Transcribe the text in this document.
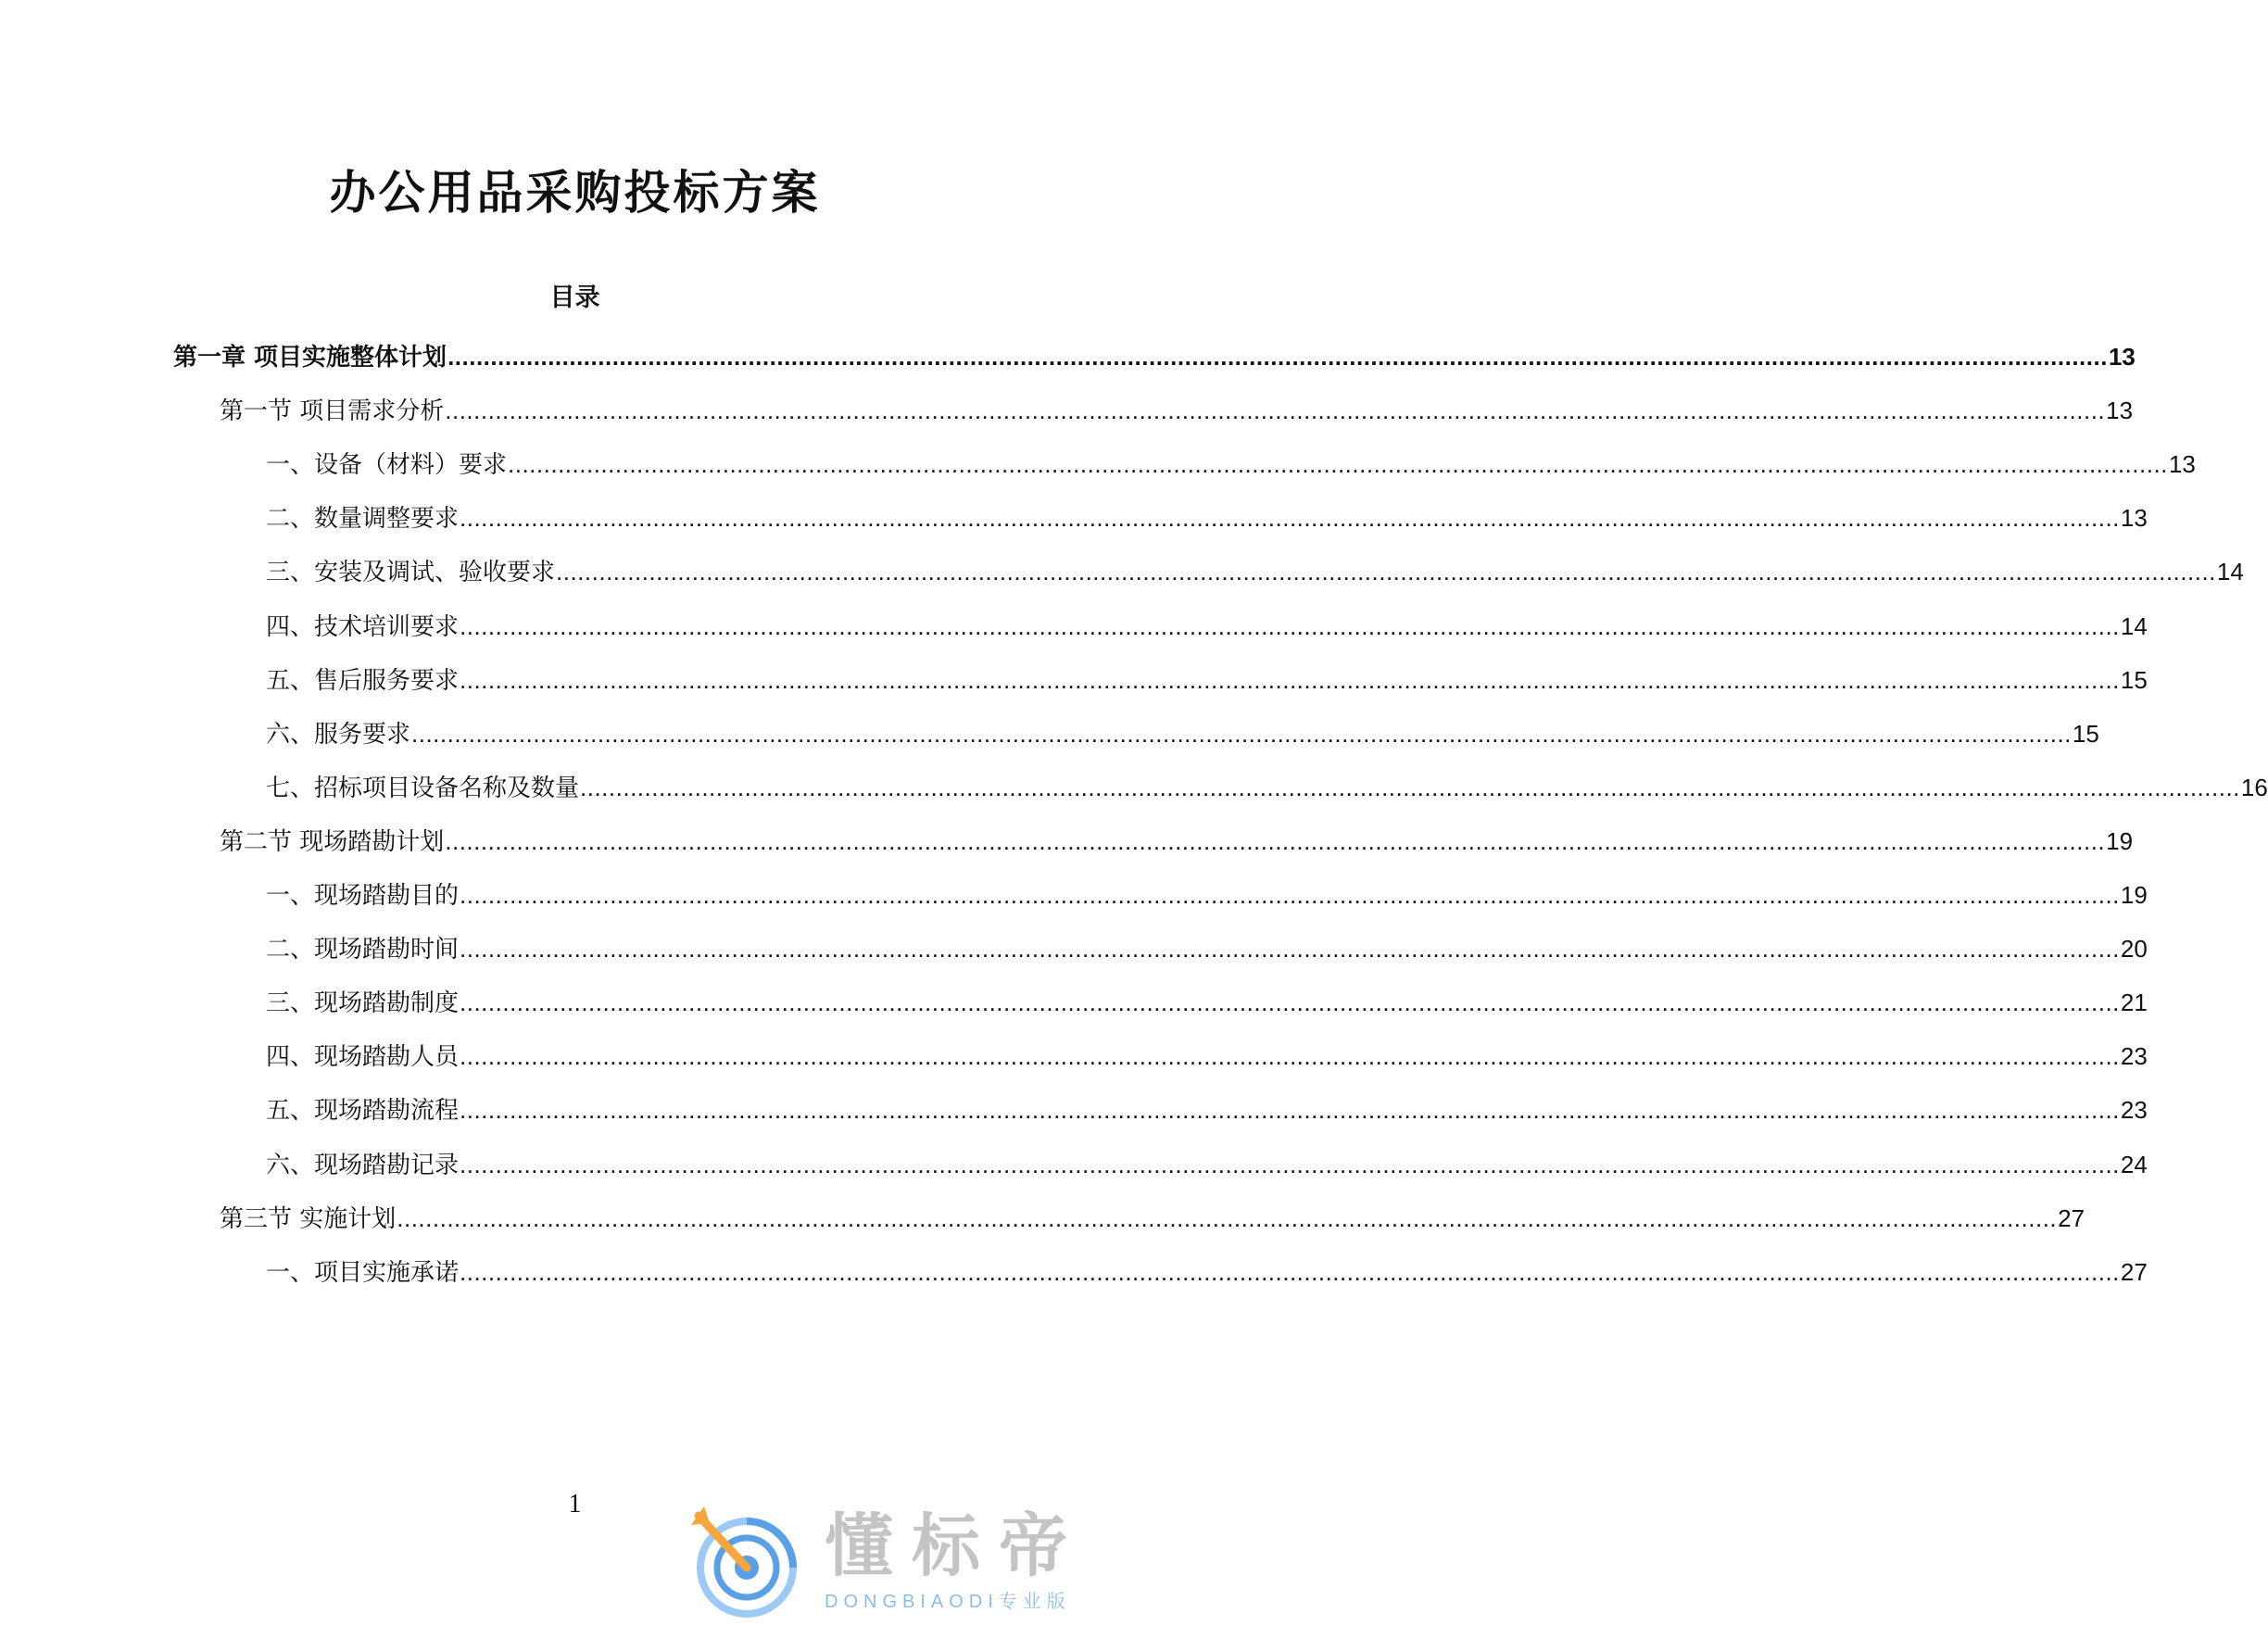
办公用品采购投标方案
目录
第一章 项目实施整体计划 ........................................................................................................................................................................................................................................ 13
第一节 项目需求分析 ........................................................................................................................................................................................................................................ 13
一、设备（材料）要求 ........................................................................................................................................................................................................................................ 13
二、数量调整要求 ........................................................................................................................................................................................................................................ 13
三、安装及调试、验收要求 ........................................................................................................................................................................................................................................ 14
四、技术培训要求 ........................................................................................................................................................................................................................................ 14
五、售后服务要求 ........................................................................................................................................................................................................................................ 15
六、服务要求 ........................................................................................................................................................................................................................................ 15
七、招标项目设备名称及数量 ........................................................................................................................................................................................................................................ 16
第二节 现场踏勘计划 ........................................................................................................................................................................................................................................ 19
一、现场踏勘目的 ........................................................................................................................................................................................................................................ 19
二、现场踏勘时间 ........................................................................................................................................................................................................................................ 20
三、现场踏勘制度 ........................................................................................................................................................................................................................................ 21
四、现场踏勘人员 ........................................................................................................................................................................................................................................ 23
五、现场踏勘流程 ........................................................................................................................................................................................................................................ 23
六、现场踏勘记录 ........................................................................................................................................................................................................................................ 24
第三节 实施计划 ........................................................................................................................................................................................................................................ 27
一、项目实施承诺 ........................................................................................................................................................................................................................................ 27
1
懂标帝
DONGBIAODI专业版
